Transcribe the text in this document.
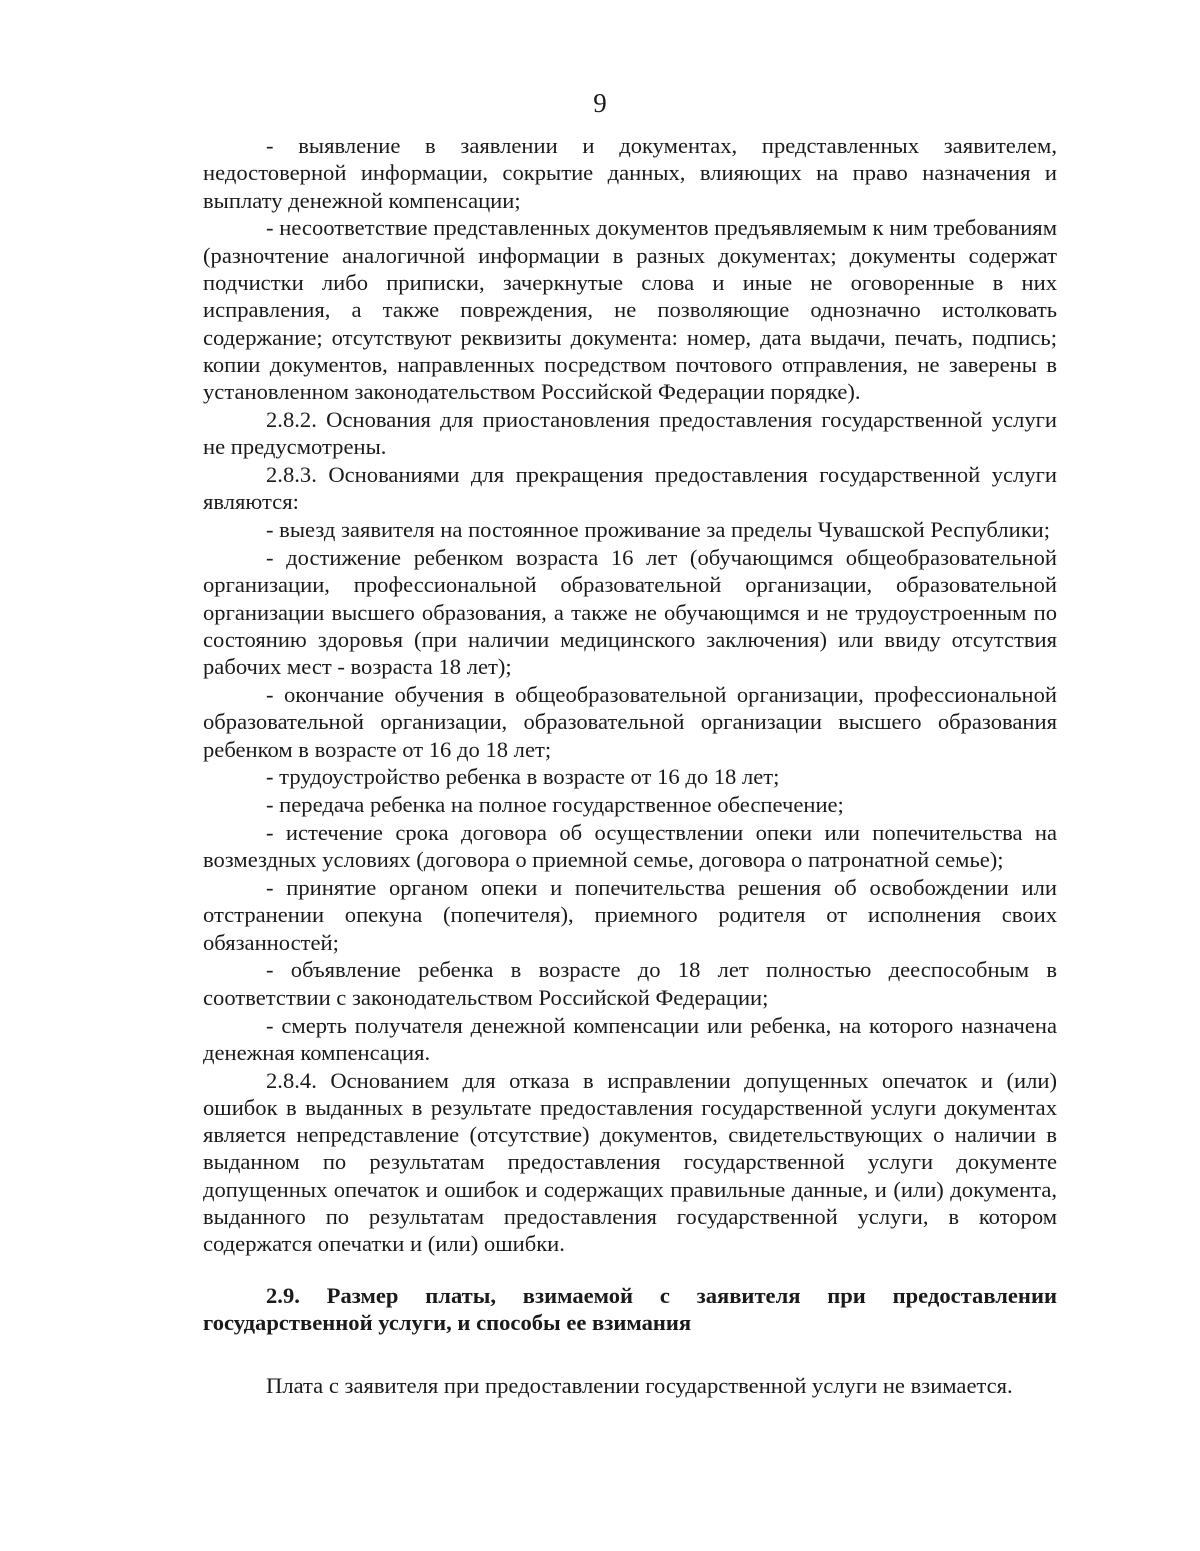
9

- выявление в заявлении и документах, представленных заявителем, недостоверной информации, сокрытие данных, влияющих на право назначения и выплату денежной компенсации;

- несоответствие представленных документов предъявляемым к ним требованиям (разночтение аналогичной информации в разных документах; документы содержат подчистки либо приписки, зачеркнутые слова и иные не оговоренные в них исправления, а также повреждения, не позволяющие однозначно истолковать содержание; отсутствуют реквизиты документа: номер, дата выдачи, печать, подпись; копии документов, направленных посредством почтового отправления, не заверены в установленном законодательством Российской Федерации порядке).

2.8.2. Основания для приостановления предоставления государственной услуги не предусмотрены.

2.8.3. Основаниями для прекращения предоставления государственной услуги являются:

- выезд заявителя на постоянное проживание за пределы Чувашской Республики;

- достижение ребенком возраста 16 лет (обучающимся общеобразовательной организации, профессиональной образовательной организации, образовательной организации высшего образования, а также не обучающимся и не трудоустроенным по состоянию здоровья (при наличии медицинского заключения) или ввиду отсутствия рабочих мест - возраста 18 лет);

- окончание обучения в общеобразовательной организации, профессиональной образовательной организации, образовательной организации высшего образования ребенком в возрасте от 16 до 18 лет;

- трудоустройство ребенка в возрасте от 16 до 18 лет;

- передача ребенка на полное государственное обеспечение;

- истечение срока договора об осуществлении опеки или попечительства на возмездных условиях (договора о приемной семье, договора о патронатной семье);

- принятие органом опеки и попечительства решения об освобождении или отстранении опекуна (попечителя), приемного родителя от исполнения своих обязанностей;

- объявление ребенка в возрасте до 18 лет полностью дееспособным в соответствии с законодательством Российской Федерации;

- смерть получателя денежной компенсации или ребенка, на которого назначена денежная компенсация.

2.8.4. Основанием для отказа в исправлении допущенных опечаток и (или) ошибок в выданных в результате предоставления государственной услуги документах является непредставление (отсутствие) документов, свидетельствующих о наличии в выданном по результатам предоставления государственной услуги документе допущенных опечаток и ошибок и содержащих правильные данные, и (или) документа, выданного по результатам предоставления государственной услуги, в котором содержатся опечатки и (или) ошибки.

2.9. Размер платы, взимаемой с заявителя при предоставлении государственной услуги, и способы ее взимания

Плата с заявителя при предоставлении государственной услуги не взимается.
